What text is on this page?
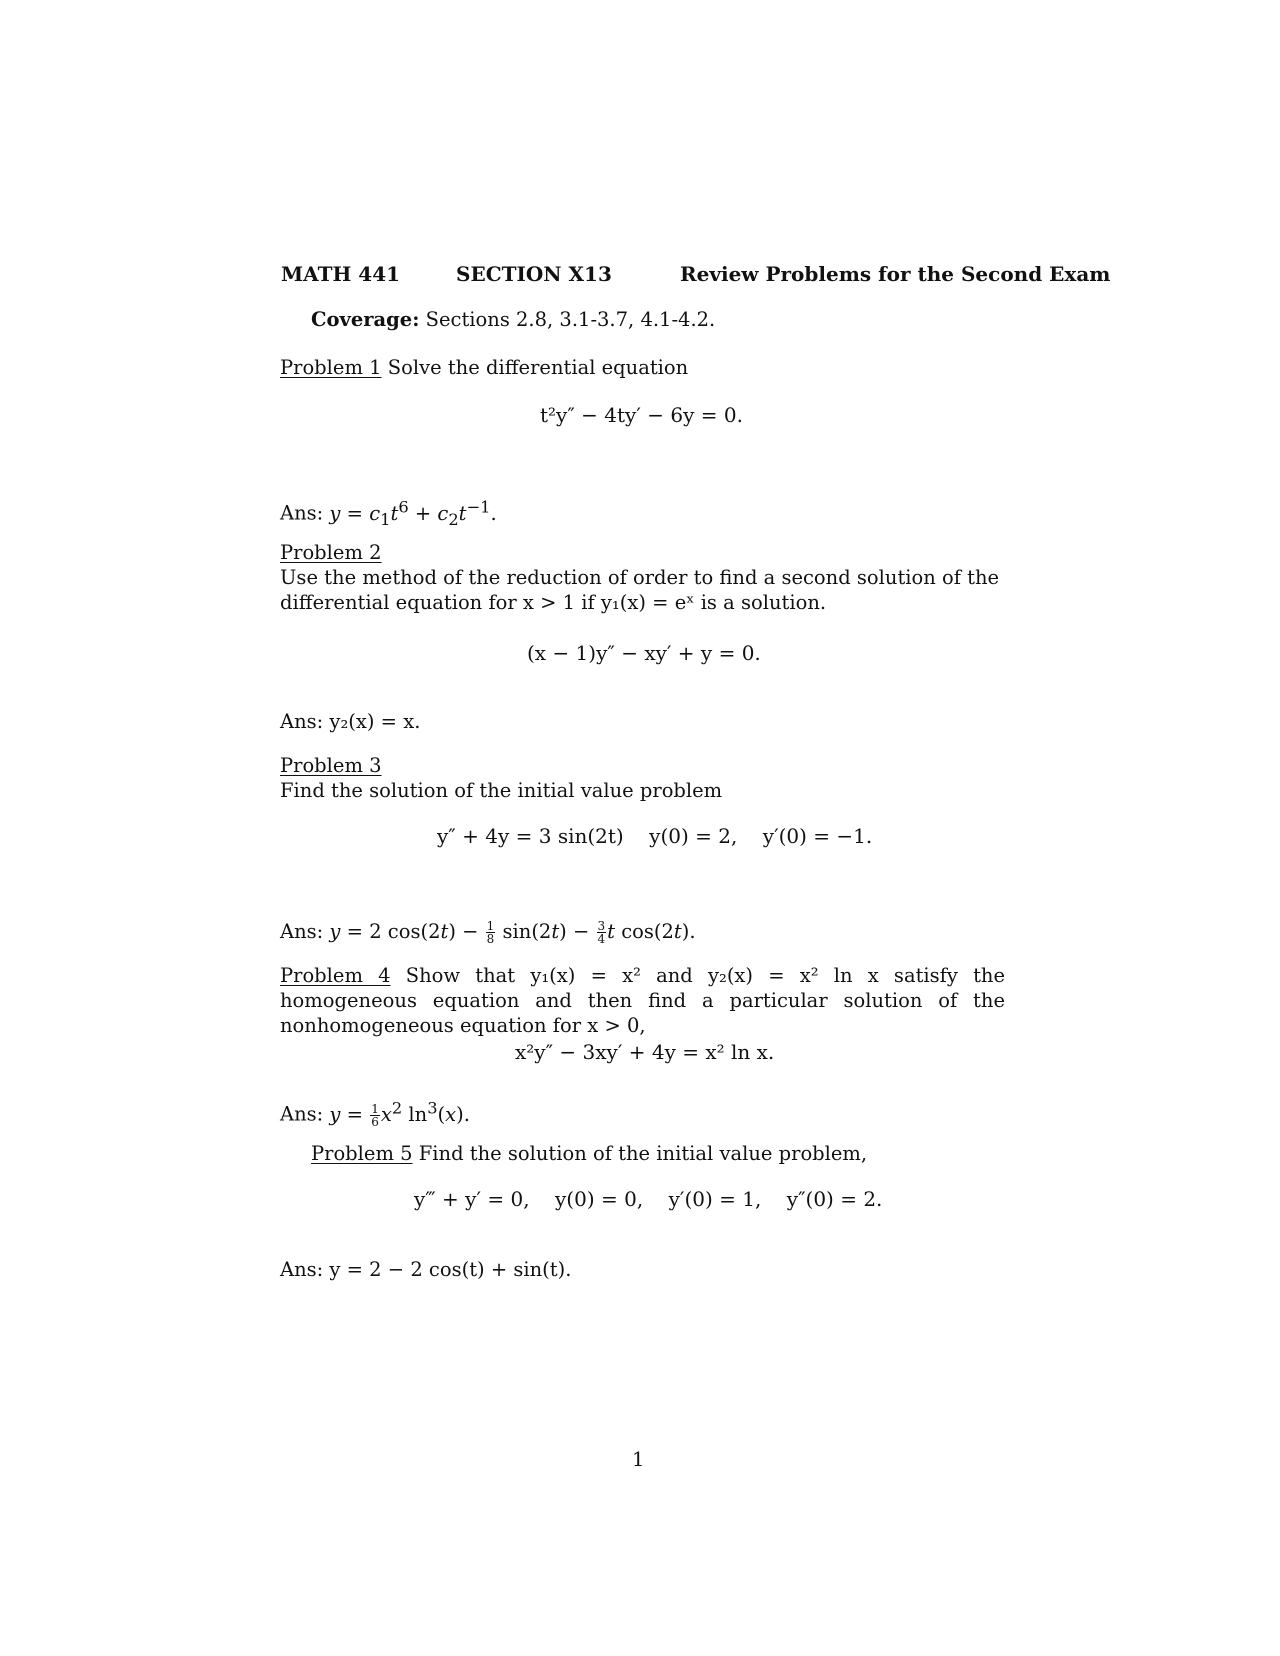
MATH 441	SECTION X13	Review Problems for the Second Exam
Coverage: Sections 2.8, 3.1-3.7, 4.1-4.2.
Problem 1 Solve the differential equation
t²y″ − 4ty′ − 6y = 0.
Ans: $y = c_1t^6 + c_2t^{-1}$.
Problem 2
Use the method of the reduction of order to find a second solution of the differential equation for x > 1 if y₁(x) = eˣ is a solution.
(x − 1)y″ − xy′ + y = 0.
Ans: y₂(x) = x.
Problem 3
Find the solution of the initial value problem
y″ + 4y = 3 sin(2t)    y(0) = 2,    y′(0) = −1.
Ans: y = 2 $\cos(2t) - \frac{1}{8} \sin(2t) - \frac{3}{4}$ t cos(2t).
Problem 4 Show that y₁(x) = x² and y₂(x) = x² ln x satisfy the homogeneous equation and then find a particular solution of the nonhomogeneous equation for x > 0,
x²y″ − 3xy′ + 4y = x² ln x.
Ans: $y = \frac{1}{6} x^2$ $\ln^3(x)$.
Problem 5 Find the solution of the initial value problem,
y‴ + y′ = 0,    y(0) = 0,    y′(0) = 1,    y″(0) = 2.
Ans: y = 2 − 2 cos(t) + sin(t).
1
